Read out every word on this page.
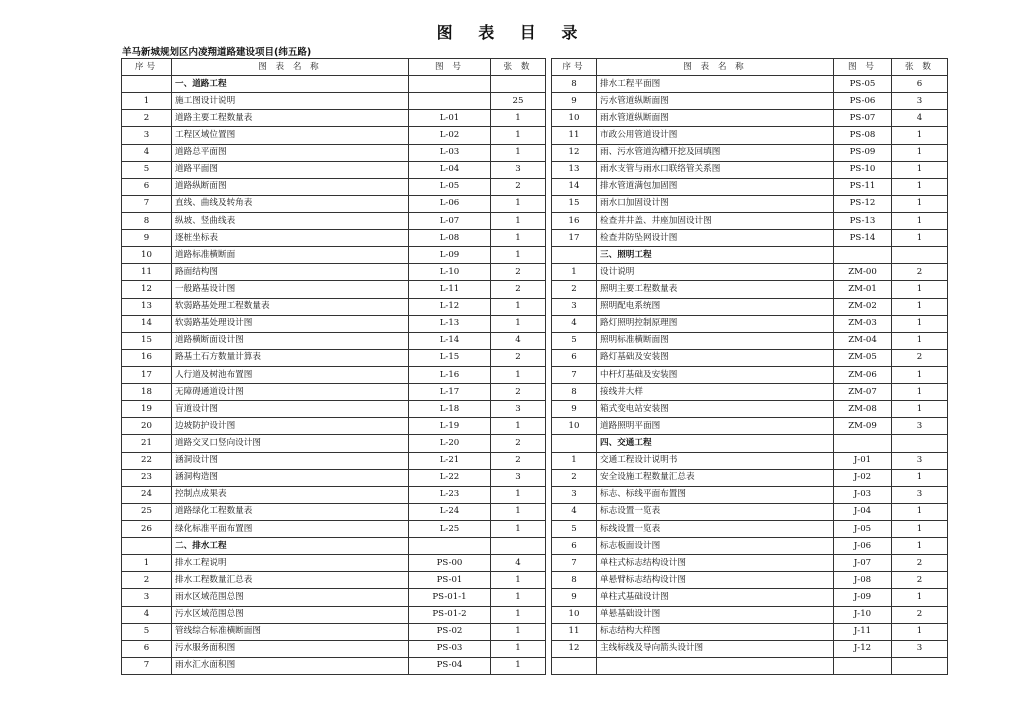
图 表 目 录
羊马新城规划区内凌翔道路建设项目(纬五路)
序号	图 表 名 称	图 号	张 数		序号	图 表 名 称	图 号	张 数
	一、道路工程				8	排水工程平面图	PS-05	6
1	施工图设计说明		25		9	污水管道纵断面图	PS-06	3
2	道路主要工程数量表	L-01	1		10	雨水管道纵断面图	PS-07	4
3	工程区域位置图	L-02	1		11	市政公用管道设计图	PS-08	1
4	道路总平面图	L-03	1		12	雨、污水管道沟槽开挖及回填图	PS-09	1
5	道路平面图	L-04	3		13	雨水支管与雨水口联络管关系图	PS-10	1
6	道路纵断面图	L-05	2		14	排水管道满包加固图	PS-11	1
7	直线、曲线及转角表	L-06	1		15	雨水口加固设计图	PS-12	1
8	纵坡、竖曲线表	L-07	1		16	检查井井盖、井座加固设计图	PS-13	1
9	逐桩坐标表	L-08	1		17	检查井防坠网设计图	PS-14	1
10	道路标准横断面	L-09	1			三、照明工程		
11	路面结构图	L-10	2		1	设计说明	ZM-00	2
12	一般路基设计图	L-11	2		2	照明主要工程数量表	ZM-01	1
13	软弱路基处理工程数量表	L-12	1		3	照明配电系统图	ZM-02	1
14	软弱路基处理设计图	L-13	1		4	路灯照明控制原理图	ZM-03	1
15	道路横断面设计图	L-14	4		5	照明标准横断面图	ZM-04	1
16	路基土石方数量计算表	L-15	2		6	路灯基础及安装图	ZM-05	2
17	人行道及树池布置图	L-16	1		7	中杆灯基础及安装图	ZM-06	1
18	无障碍通道设计图	L-17	2		8	接线井大样	ZM-07	1
19	盲道设计图	L-18	3		9	箱式变电站安装图	ZM-08	1
20	边坡防护设计图	L-19	1		10	道路照明平面图	ZM-09	3
21	道路交叉口竖向设计图	L-20	2			四、交通工程		
22	涵洞设计图	L-21	2		1	交通工程设计说明书	J-01	3
23	涵洞构造图	L-22	3		2	安全设施工程数量汇总表	J-02	1
24	控制点成果表	L-23	1		3	标志、标线平面布置图	J-03	3
25	道路绿化工程数量表	L-24	1		4	标志设置一览表	J-04	1
26	绿化标准平面布置图	L-25	1		5	标线设置一览表	J-05	1
	二、排水工程				6	标志板面设计图	J-06	1
1	排水工程说明	PS-00	4		7	单柱式标志结构设计图	J-07	2
2	排水工程数量汇总表	PS-01	1		8	单悬臂标志结构设计图	J-08	2
3	雨水区域范围总图	PS-01-1	1		9	单柱式基础设计图	J-09	1
4	污水区域范围总图	PS-01-2	1		10	单悬基础设计图	J-10	2
5	管线综合标准横断面图	PS-02	1		11	标志结构大样图	J-11	1
6	污水服务面积图	PS-03	1		12	主线标线及导向箭头设计图	J-12	3
7	雨水汇水面积图	PS-04	1					
